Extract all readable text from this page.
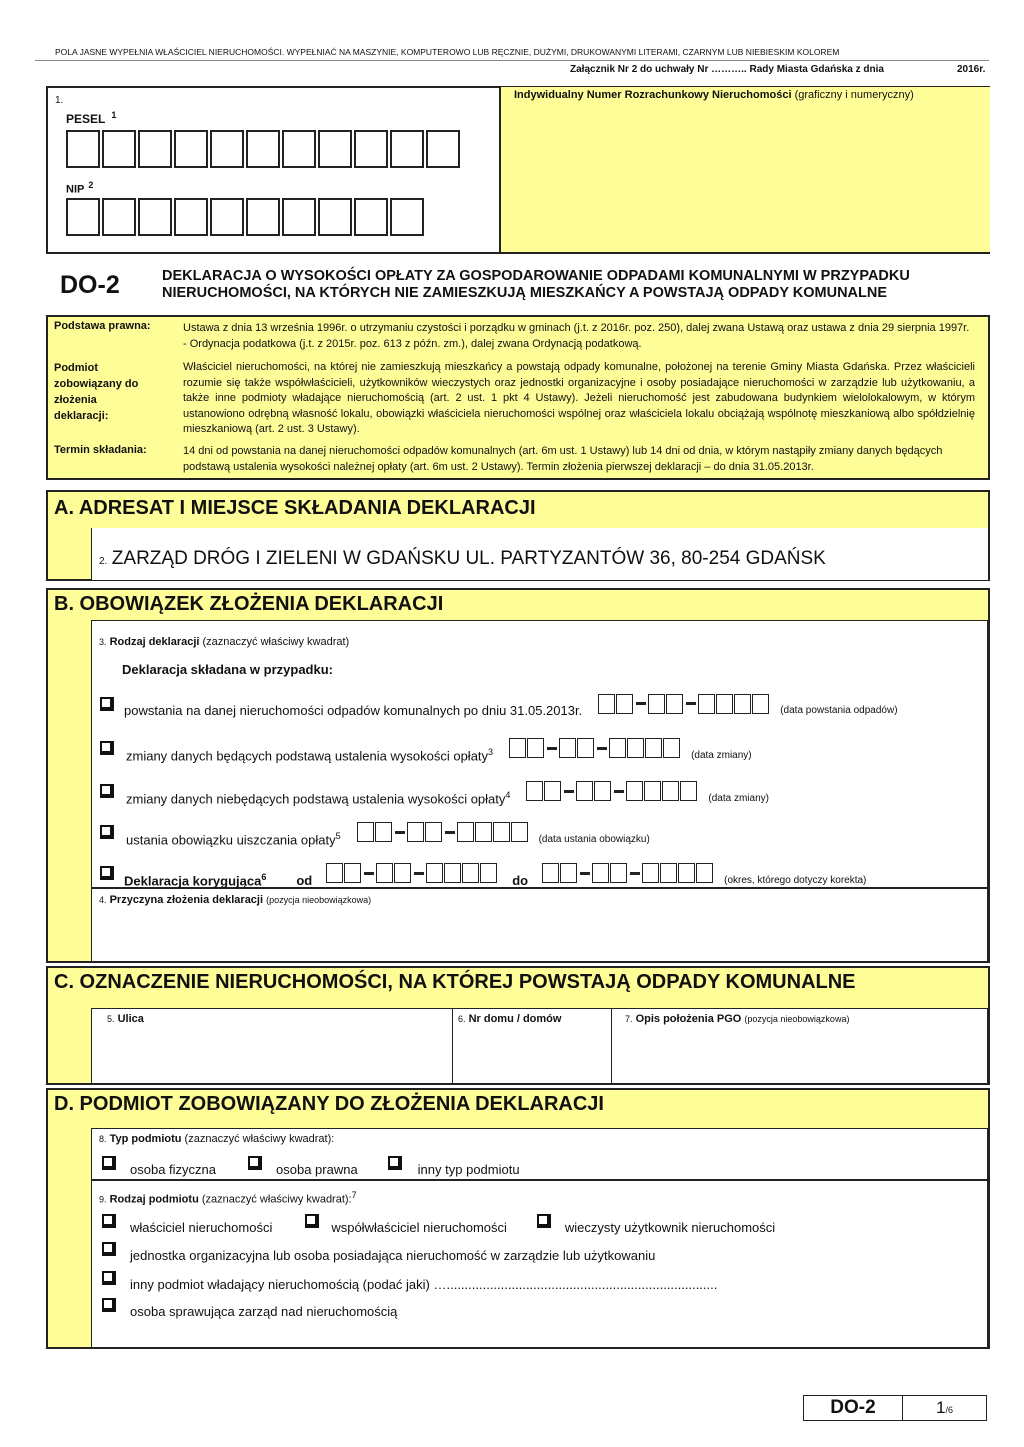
POLA JASNE WYPEŁNIA WŁAŚCICIEL NIERUCHOMOŚCI. WYPEŁNIAĆ NA MASZYNIE, KOMPUTEROWO LUB RĘCZNIE, DUŻYMI, DRUKOWANYMI LITERAMI, CZARNYM LUB NIEBIESKIM KOLOREM
Załącznik Nr 2 do uchwały Nr ……….. Rady Miasta Gdańska z dnia	2016r.
1.
PESEL $^1$
NIP $^2$
Indywidualny Numer Rozrachunkowy Nieruchomości (graficzny i numeryczny)
DO-2	DEKLARACJA O WYSOKOŚCI OPŁATY ZA GOSPODAROWANIE ODPADAMI KOMUNALNYMI W PRZYPADKU NIERUCHOMOŚCI, NA KTÓRYCH NIE ZAMIESZKUJĄ MIESZKAŃCY A POWSTAJĄ ODPADY KOMUNALNE
Podstawa prawna:	Ustawa z dnia 13 września 1996r. o utrzymaniu czystości i porządku w gminach (j.t. z 2016r. poz. 250), dalej zwana Ustawą oraz ustawa z dnia 29 sierpnia 1997r. - Ordynacja podatkowa (j.t. z 2015r. poz. 613 z późn. zm.), dalej zwana Ordynacją podatkową.
Podmiot zobowiązany do złożenia deklaracji:
Właściciel nieruchomości, na której nie zamieszkują mieszkańcy a powstają odpady komunalne, położonej na terenie Gminy Miasta Gdańska. Przez właścicieli rozumie się także współwłaścicieli, użytkowników wieczystych oraz jednostki organizacyjne i osoby posiadające nieruchomości w zarządzie lub użytkowaniu, a także inne podmioty władające nieruchomością (art. 2 ust. 1 pkt 4 Ustawy). Jeżeli nieruchomość jest zabudowana budynkiem wielolokalowym, w którym ustanowiono odrębną własność lokalu, obowiązki właściciela nieruchomości wspólnej oraz właściciela lokalu obciążają wspólnotę mieszkaniową albo spółdzielnię mieszkaniową (art. 2 ust. 3 Ustawy).
Termin składania:	14 dni od powstania na danej nieruchomości odpadów komunalnych (art. 6m ust. 1 Ustawy) lub 14 dni od dnia, w którym nastąpiły zmiany danych będących podstawą ustalenia wysokości należnej opłaty (art. 6m ust. 2 Ustawy). Termin złożenia pierwszej deklaracji – do dnia 31.05.2013r.
A. ADRESAT I MIEJSCE SKŁADANIA DEKLARACJI
2. ZARZĄD DRÓG I ZIELENI W GDAŃSKU UL. PARTYZANTÓW 36, 80-254 GDAŃSK
B. OBOWIĄZEK ZŁOŻENIA DEKLARACJI
3. Rodzaj deklaracji (zaznaczyć właściwy kwadrat)
Deklaracja składana w przypadku:
powstania na danej nieruchomości odpadów komunalnych po dniu 31.05.2013r.	(data powstania odpadów)
zmiany danych będących podstawą ustalenia wysokości opłaty$^3$	(data zmiany)
zmiany danych niebędących podstawą ustalenia wysokości opłaty$^4$	(data zmiany)
ustania obowiązku uiszczania opłaty$^5$	(data ustania obowiązku)
Deklaracja korygująca$^6$ od	do	(okres, którego dotyczy korekta)
4. Przyczyna złożenia deklaracji (pozycja nieobowiązkowa)
C. OZNACZENIE NIERUCHOMOŚCI, NA KTÓREJ POWSTAJĄ ODPADY KOMUNALNE
5. Ulica	6. Nr domu / domów	7. Opis położenia PGO (pozycja nieobowiązkowa)
D. PODMIOT ZOBOWIĄZANY DO ZŁOŻENIA DEKLARACJI
8. Typ podmiotu (zaznaczyć właściwy kwadrat):
osoba fizyczna	osoba prawna	inny typ podmiotu
9. Rodzaj podmiotu (zaznaczyć właściwy kwadrat):$^7$
właściciel nieruchomości	współwłaściciel nieruchomości	wieczysty użytkownik nieruchomości
jednostka organizacyjna lub osoba posiadająca nieruchomość w zarządzie lub użytkowaniu
inny podmiot władający nieruchomością (podać jaki) …...........................................................................
osoba sprawująca zarząd nad nieruchomością
DO-2	1/6
